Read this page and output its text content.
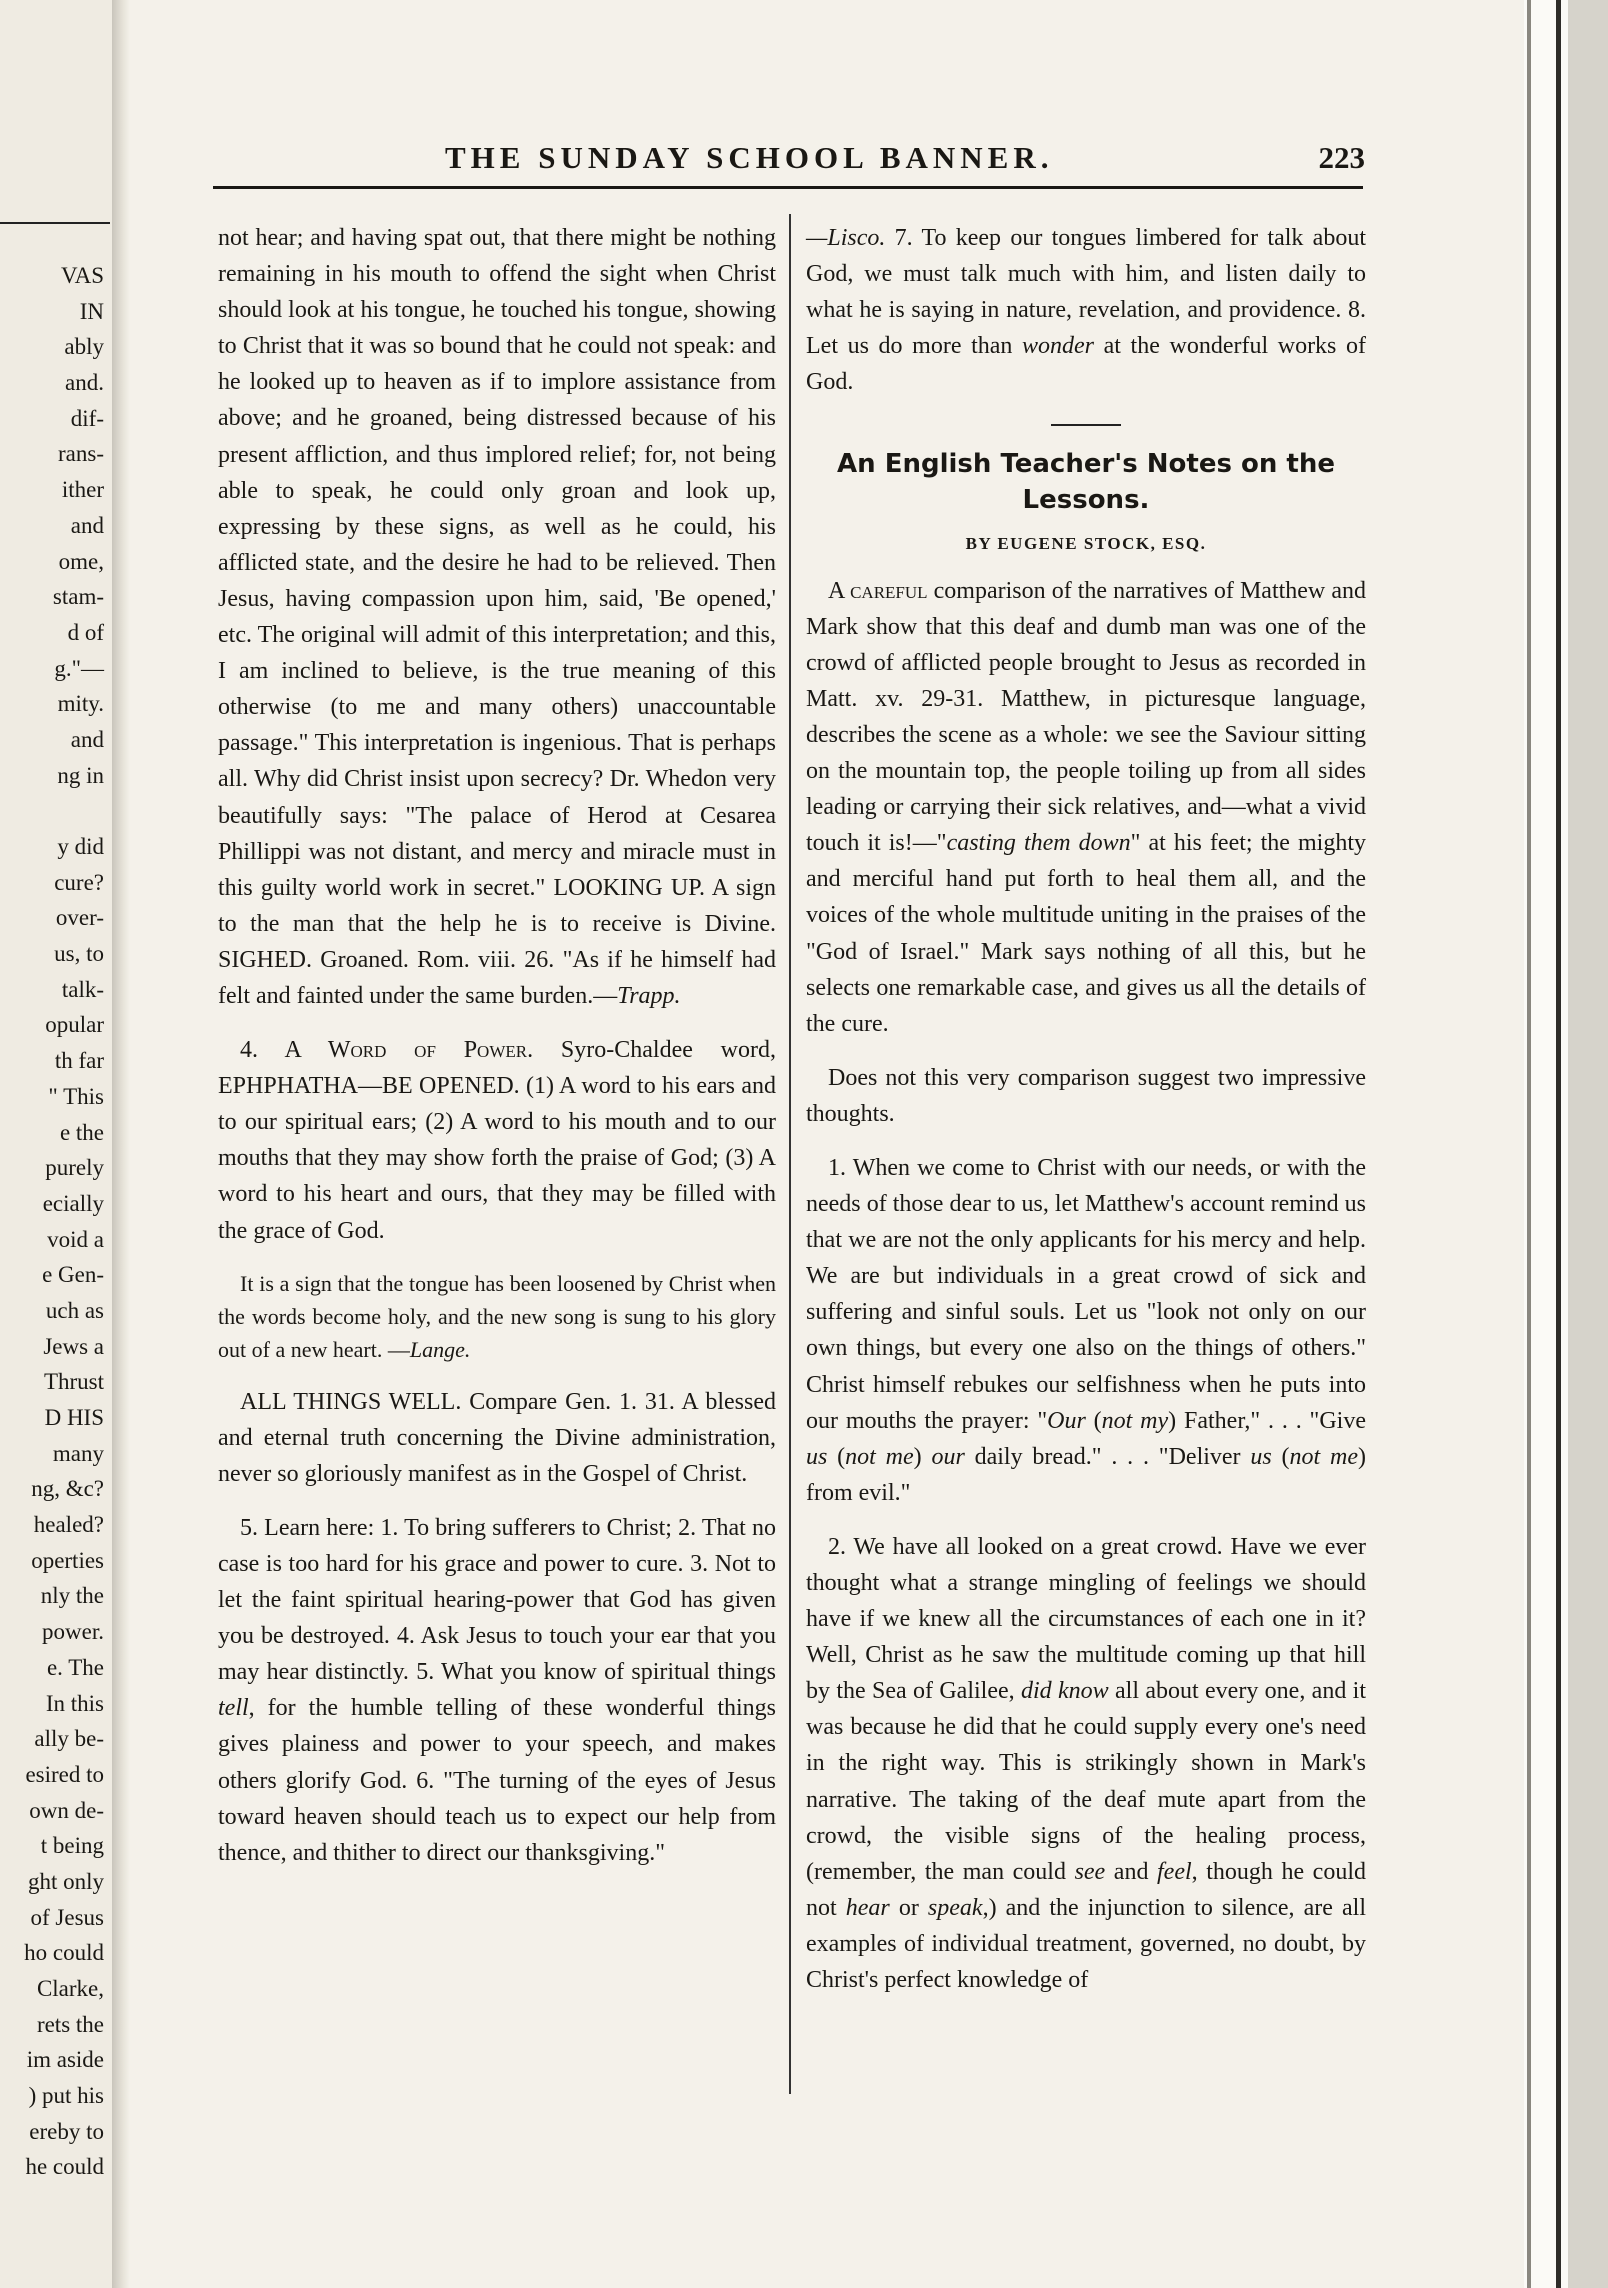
VAS
IN
ably
and.
dif-
rans-
ither
and
ome,
stam-
d of
g."—
mity.
and
ng in
y did
cure?
over-
us, to
talk-
opular
th far
" This
e the
purely
ecially
void a
e Gen-
uch as
Jews a
Thrust
D HIS
many
ng, &c?
healed?
operties
nly the
power.
e. The
In this
ally be-
esired to
own de-
t being
ght only
of Jesus
ho could
Clarke,
rets the
im aside
) put his
ereby to
he could
THE SUNDAY SCHOOL BANNER.	223

not hear; and having spat out, that there might be nothing remaining in his mouth to offend the sight when Christ should look at his tongue, he touched his tongue, showing to Christ that it was so bound that he could not speak: and he looked up to heaven as if to implore assistance from above; and he groaned, being distressed because of his present affliction, and thus implored relief; for, not being able to speak, he could only groan and look up, expressing by these signs, as well as he could, his afflicted state, and the desire he had to be relieved. Then Jesus, having compassion upon him, said, 'Be opened,' etc. The original will admit of this interpretation; and this, I am inclined to believe, is the true meaning of this otherwise (to me and many others) unaccountable passage." This interpretation is ingenious. That is perhaps all. Why did Christ insist upon secrecy? Dr. Whedon very beautifully says: "The palace of Herod at Cesarea Phillippi was not distant, and mercy and miracle must in this guilty world work in secret." LOOKING UP. A sign to the man that the help he is to receive is Divine. SIGHED. Groaned. Rom. viii. 26. "As if he himself had felt and fainted under the same burden.—Trapp.

4. A Word of Power. Syro-Chaldee word, EPHPHATHA—BE OPENED. (1) A word to his ears and to our spiritual ears; (2) A word to his mouth and to our mouths that they may show forth the praise of God; (3) A word to his heart and ours, that they may be filled with the grace of God.

It is a sign that the tongue has been loosened by Christ when the words become holy, and the new song is sung to his glory out of a new heart. —Lange.

ALL THINGS WELL. Compare Gen. 1. 31. A blessed and eternal truth concerning the Divine administration, never so gloriously manifest as in the Gospel of Christ.

5. Learn here: 1. To bring sufferers to Christ; 2. That no case is too hard for his grace and power to cure. 3. Not to let the faint spiritual hearing-power that God has given you be destroyed. 4. Ask Jesus to touch your ear that you may hear distinctly. 5. What you know of spiritual things tell, for the humble telling of these wonderful things gives plainess and power to your speech, and makes others glorify God. 6. "The turning of the eyes of Jesus toward heaven should teach us to expect our help from thence, and thither to direct our thanksgiving."

—Lisco. 7. To keep our tongues limbered for talk about God, we must talk much with him, and listen daily to what he is saying in nature, revelation, and providence. 8. Let us do more than wonder at the wonderful works of God.

An English Teacher's Notes on the Lessons.

BY EUGENE STOCK, ESQ.

A careful comparison of the narratives of Matthew and Mark show that this deaf and dumb man was one of the crowd of afflicted people brought to Jesus as recorded in Matt. xv. 29-31. Matthew, in picturesque language, describes the scene as a whole: we see the Saviour sitting on the mountain top, the people toiling up from all sides leading or carrying their sick relatives, and—what a vivid touch it is!—"casting them down" at his feet; the mighty and merciful hand put forth to heal them all, and the voices of the whole multitude uniting in the praises of the "God of Israel." Mark says nothing of all this, but he selects one remarkable case, and gives us all the details of the cure.

Does not this very comparison suggest two impressive thoughts.

1. When we come to Christ with our needs, or with the needs of those dear to us, let Matthew's account remind us that we are not the only applicants for his mercy and help. We are but individuals in a great crowd of sick and suffering and sinful souls. Let us "look not only on our own things, but every one also on the things of others." Christ himself rebukes our selfishness when he puts into our mouths the prayer: "Our (not my) Father," . . . "Give us (not me) our daily bread." . . . "Deliver us (not me) from evil."

2. We have all looked on a great crowd. Have we ever thought what a strange mingling of feelings we should have if we knew all the circumstances of each one in it? Well, Christ as he saw the multitude coming up that hill by the Sea of Galilee, did know all about every one, and it was because he did that he could supply every one's need in the right way. This is strikingly shown in Mark's narrative. The taking of the deaf mute apart from the crowd, the visible signs of the healing process, (remember, the man could see and feel, though he could not hear or speak,) and the injunction to silence, are all examples of individual treatment, governed, no doubt, by Christ's perfect knowledge of
